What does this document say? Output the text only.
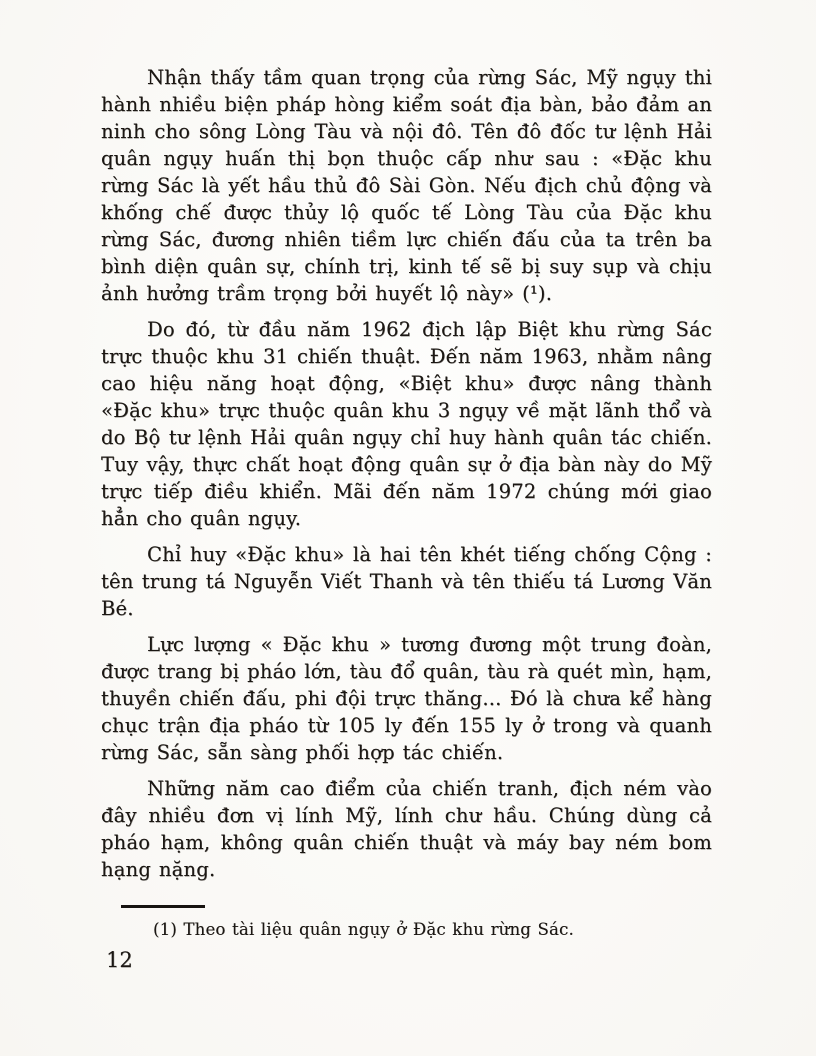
Nhận thấy tầm quan trọng của rừng Sác, Mỹ ngụy thi hành nhiều biện pháp hòng kiểm soát địa bàn, bảo đảm an ninh cho sông Lòng Tàu và nội đô. Tên đô đốc tư lệnh Hải quân ngụy huấn thị bọn thuộc cấp như sau : «Đặc khu rừng Sác là yết hầu thủ đô Sài Gòn. Nếu địch chủ động và khống chế được thủy lộ quốc tế Lòng Tàu của Đặc khu rừng Sác, đương nhiên tiềm lực chiến đấu của ta trên ba bình diện quân sự, chính trị, kinh tế sẽ bị suy sụp và chịu ảnh hưởng trầm trọng bởi huyết lộ này» (¹).

Do đó, từ đầu năm 1962 địch lập Biệt khu rừng Sác trực thuộc khu 31 chiến thuật. Đến năm 1963, nhằm nâng cao hiệu năng hoạt động, «Biệt khu» được nâng thành «Đặc khu» trực thuộc quân khu 3 ngụy về mặt lãnh thổ và do Bộ tư lệnh Hải quân ngụy chỉ huy hành quân tác chiến. Tuy vậy, thực chất hoạt động quân sự ở địa bàn này do Mỹ trực tiếp điều khiển. Mãi đến năm 1972 chúng mới giao hẳn cho quân ngụy.

Chỉ huy «Đặc khu» là hai tên khét tiếng chống Cộng : tên trung tá Nguyễn Viết Thanh và tên thiếu tá Lương Văn Bé.

Lực lượng « Đặc khu » tương đương một trung đoàn, được trang bị pháo lớn, tàu đổ quân, tàu rà quét mìn, hạm, thuyền chiến đấu, phi đội trực thăng... Đó là chưa kể hàng chục trận địa pháo từ 105 ly đến 155 ly ở trong và quanh rừng Sác, sẵn sàng phối hợp tác chiến.

Những năm cao điểm của chiến tranh, địch ném vào đây nhiều đơn vị lính Mỹ, lính chư hầu. Chúng dùng cả pháo hạm, không quân chiến thuật và máy bay ném bom hạng nặng.

(1) Theo tài liệu quân ngụy ở Đặc khu rừng Sác.
12
